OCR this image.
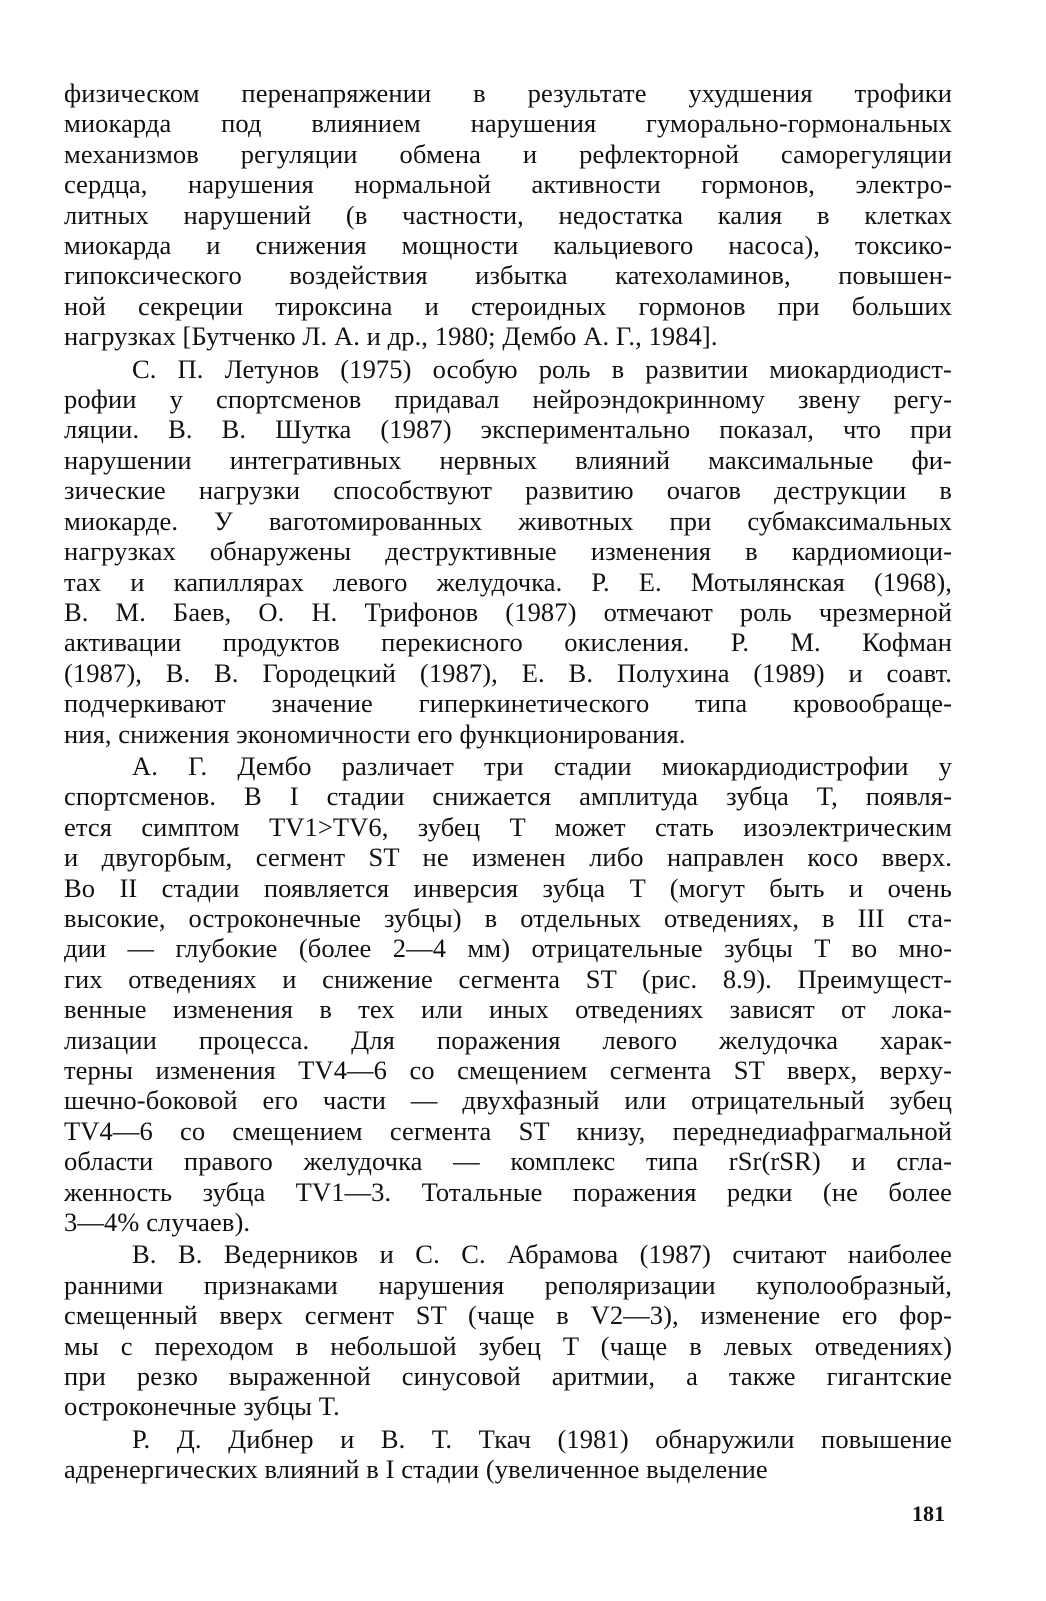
физическом перенапряжении в результате ухудшения трофики
миокарда под влиянием нарушения гуморально-гормональных
механизмов регуляции обмена и рефлекторной саморегуляции
сердца, нарушения нормальной активности гормонов, электро-
литных нарушений (в частности, недостатка калия в клетках
миокарда и снижения мощности кальциевого насоса), токсико-
гипоксического воздействия избытка катехоламинов, повышен-
ной секреции тироксина и стероидных гормонов при больших
нагрузках [Бутченко Л. А. и др., 1980; Дембо А. Г., 1984].

С. П. Летунов (1975) особую роль в развитии миокардиодист-
рофии у спортсменов придавал нейроэндокринному звену регу-
ляции. В. В. Шутка (1987) экспериментально показал, что при
нарушении интегративных нервных влияний максимальные фи-
зические нагрузки способствуют развитию очагов деструкции в
миокарде. У ваготомированных животных при субмаксимальных
нагрузках обнаружены деструктивные изменения в кардиомиоци-
тах и капиллярах левого желудочка. Р. Е. Мотылянская (1968),
В. М. Баев, О. Н. Трифонов (1987) отмечают роль чрезмерной
активации продуктов перекисного окисления. Р. М. Кофман
(1987), В. В. Городецкий (1987), Е. В. Полухина (1989) и соавт.
подчеркивают значение гиперкинетического типа кровообраще-
ния, снижения экономичности его функционирования.

А. Г. Дембо различает три стадии миокардиодистрофии у
спортсменов. В I стадии снижается амплитуда зубца T, появля-
ется симптом TV1>TV6, зубец T может стать изоэлектрическим
и двугорбым, сегмент ST не изменен либо направлен косо вверх.
Во II стадии появляется инверсия зубца T (могут быть и очень
высокие, остроконечные зубцы) в отдельных отведениях, в III ста-
дии — глубокие (более 2—4 мм) отрицательные зубцы T во мно-
гих отведениях и снижение сегмента ST (рис. 8.9). Преимущест-
венные изменения в тех или иных отведениях зависят от лока-
лизации процесса. Для поражения левого желудочка харак-
терны изменения TV4—6 со смещением сегмента ST вверх, верху-
шечно-боковой его части — двухфазный или отрицательный зубец
TV4—6 со смещением сегмента ST книзу, переднедиафрагмальной
области правого желудочка — комплекс типа rSr(rSR) и сгла-
женность зубца TV1—3. Тотальные поражения редки (не более
3—4% случаев).

В. В. Ведерников и С. С. Абрамова (1987) считают наиболее
ранними признаками нарушения реполяризации куполообразный,
смещенный вверх сегмент ST (чаще в V2—3), изменение его фор-
мы с переходом в небольшой зубец T (чаще в левых отведениях)
при резко выраженной синусовой аритмии, а также гигантские
остроконечные зубцы T.

Р. Д. Дибнер и В. Т. Ткач (1981) обнаружили повышение
адренергических влияний в I стадии (увеличенное выделение

181
